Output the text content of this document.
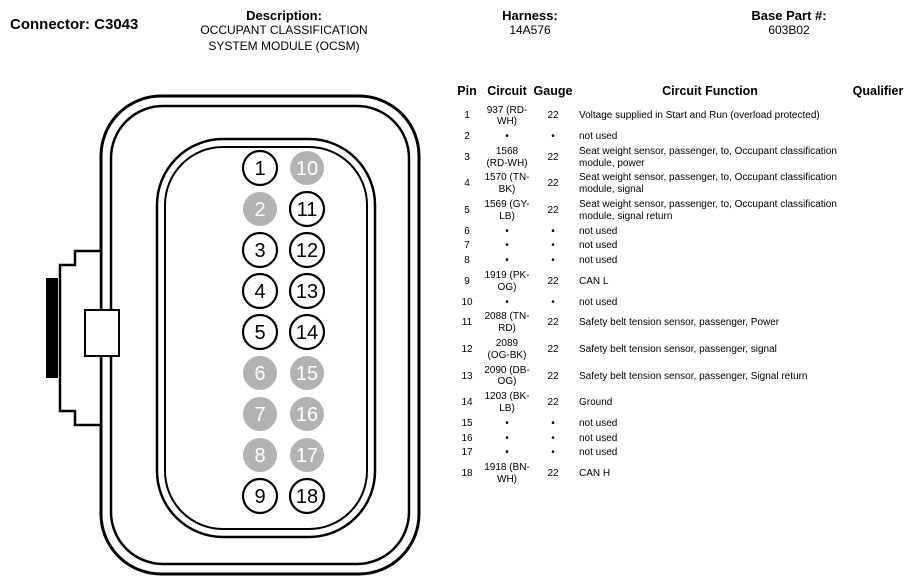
Connector: C3043
Description:
OCCUPANT CLASSIFICATION
SYSTEM MODULE (OCSM)
Harness:
14A576
Base Part #:
603B02
1
2
3
4
5
6
7
8
9
10
11
12
13
14
15
16
17
18
Pin	Circuit	Gauge	Circuit Function	Qualifier
1	937 (RD-WH)	22	Voltage supplied in Start and Run (overload protected)	
2	•	•	not used	
3	1568 (RD-WH)	22	Seat weight sensor, passenger, to, Occupant classification module, power	
4	1570 (TN-BK)	22	Seat weight sensor, passenger, to, Occupant classification module, signal	
5	1569 (GY-LB)	22	Seat weight sensor, passenger, to, Occupant classification module, signal return	
6	•	•	not used	
7	•	•	not used	
8	•	•	not used	
9	1919 (PK-OG)	22	CAN L	
10	•	•	not used	
11	2088 (TN-RD)	22	Safety belt tension sensor, passenger, Power	
12	2089 (OG-BK)	22	Safety belt tension sensor, passenger, signal	
13	2090 (DB-OG)	22	Safety belt tension sensor, passenger, Signal return	
14	1203 (BK-LB)	22	Ground	
15	•	•	not used	
16	•	•	not used	
17	•	•	not used	
18	1918 (BN-WH)	22	CAN H	
